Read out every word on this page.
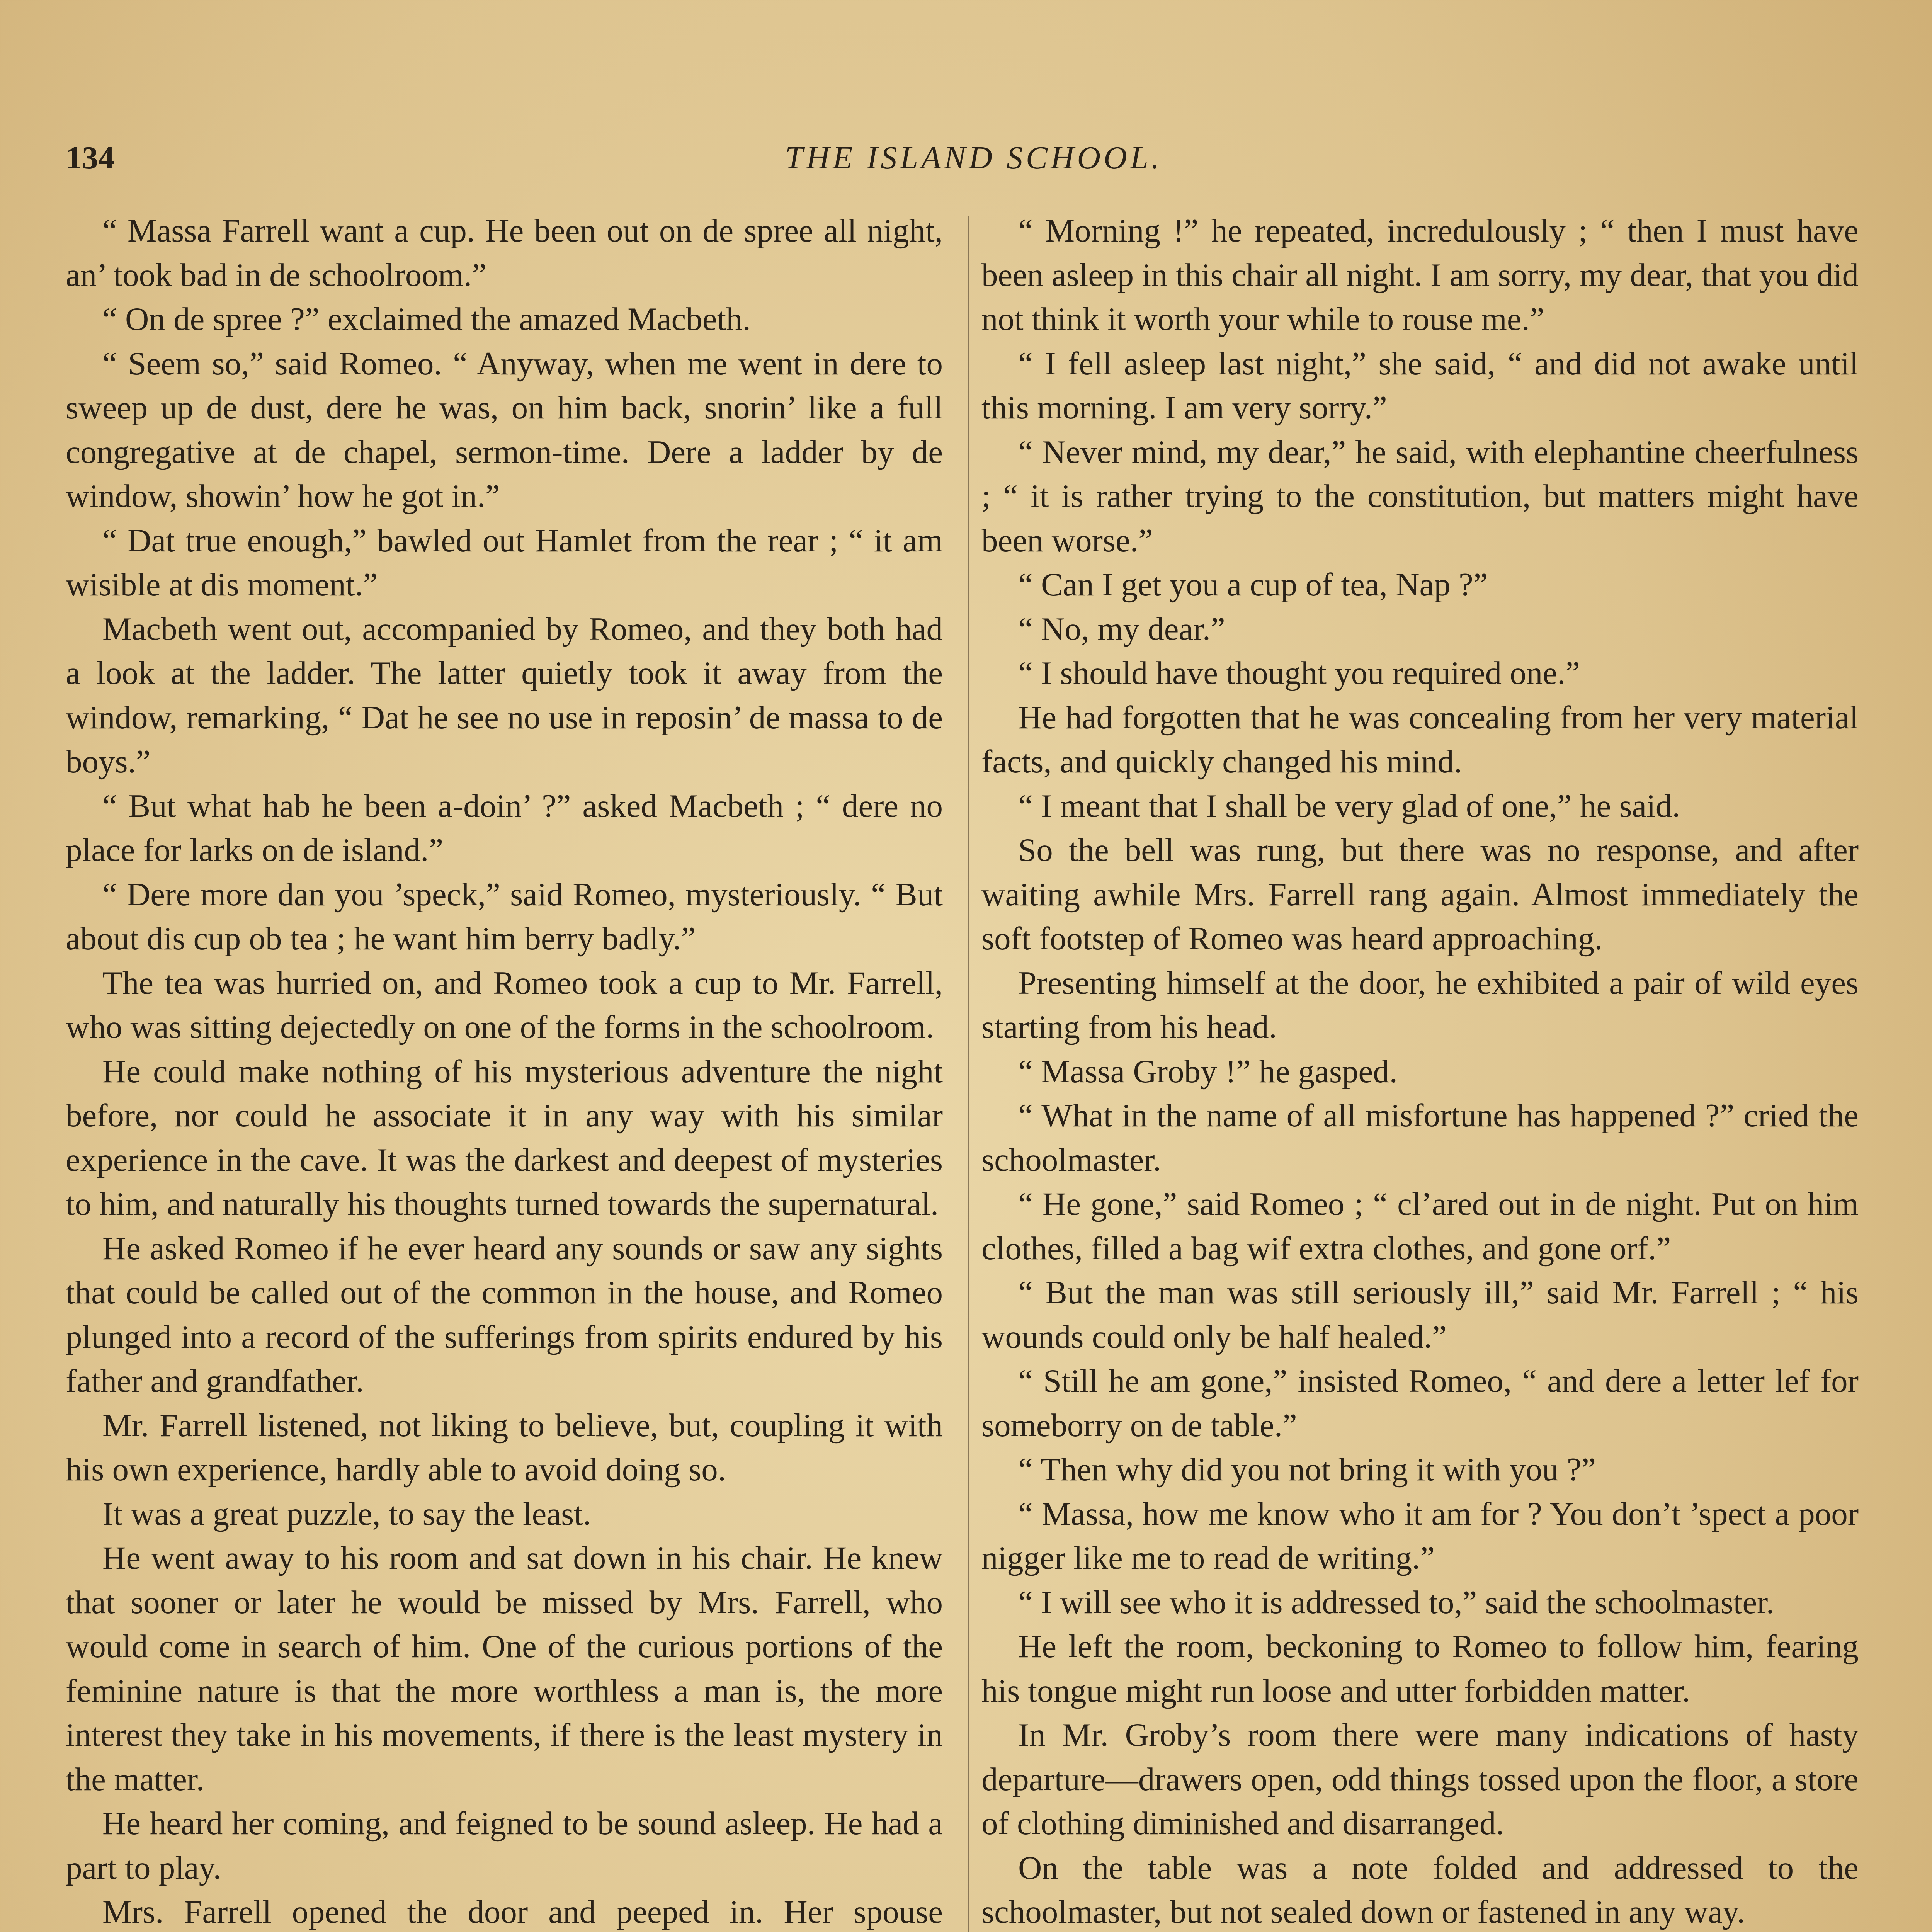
134	THE ISLAND SCHOOL.

“ Massa Farrell want a cup. He been out on de spree all night, an’ took bad in de schoolroom.”

“ On de spree ?” exclaimed the amazed Macbeth.

“ Seem so,” said Romeo. “ Anyway, when me went in dere to sweep up de dust, dere he was, on him back, snorin’ like a full congregative at de chapel, sermon-time. Dere a ladder by de window, showin’ how he got in.”

“ Dat true enough,” bawled out Hamlet from the rear ; “ it am wisible at dis moment.”

Macbeth went out, accompanied by Romeo, and they both had a look at the ladder. The latter quietly took it away from the window, remarking, “ Dat he see no use in reposin’ de massa to de boys.”

“ But what hab he been a-doin’ ?” asked Macbeth ; “ dere no place for larks on de island.”

“ Dere more dan you ’speck,” said Romeo, mysteriously. “ But about dis cup ob tea ; he want him berry badly.”

The tea was hurried on, and Romeo took a cup to Mr. Farrell, who was sitting dejectedly on one of the forms in the schoolroom.

He could make nothing of his mysterious adventure the night before, nor could he associate it in any way with his similar experience in the cave. It was the darkest and deepest of mysteries to him, and naturally his thoughts turned towards the supernatural.

He asked Romeo if he ever heard any sounds or saw any sights that could be called out of the common in the house, and Romeo plunged into a record of the sufferings from spirits endured by his father and grandfather.

Mr. Farrell listened, not liking to believe, but, coupling it with his own experience, hardly able to avoid doing so.

It was a great puzzle, to say the least.

He went away to his room and sat down in his chair. He knew that sooner or later he would be missed by Mrs. Farrell, who would come in search of him. One of the curious portions of the feminine nature is that the more worthless a man is, the more interest they take in his movements, if there is the least mystery in the matter.

He heard her coming, and feigned to be sound asleep. He had a part to play.

Mrs. Farrell opened the door and peeped in. Her spouse

“ Morning !” he repeated, incredulously ; “ then I must have been asleep in this chair all night. I am sorry, my dear, that you did not think it worth your while to rouse me.”

“ I fell asleep last night,” she said, “ and did not awake until this morning. I am very sorry.”

“ Never mind, my dear,” he said, with elephantine cheerfulness ; “ it is rather trying to the constitution, but matters might have been worse.”

“ Can I get you a cup of tea, Nap ?”

“ No, my dear.”

“ I should have thought you required one.”

He had forgotten that he was concealing from her very material facts, and quickly changed his mind.

“ I meant that I shall be very glad of one,” he said.

So the bell was rung, but there was no response, and after waiting awhile Mrs. Farrell rang again. Almost immediately the soft footstep of Romeo was heard approaching.

Presenting himself at the door, he exhibited a pair of wild eyes starting from his head.

“ Massa Groby !” he gasped.

“ What in the name of all misfortune has happened ?” cried the schoolmaster.

“ He gone,” said Romeo ; “ cl’ared out in de night. Put on him clothes, filled a bag wif extra clothes, and gone orf.”

“ But the man was still seriously ill,” said Mr. Farrell ; “ his wounds could only be half healed.”

“ Still he am gone,” insisted Romeo, “ and dere a letter lef for someborry on de table.”

“ Then why did you not bring it with you ?”

“ Massa, how me know who it am for ? You don’t ’spect a poor nigger like me to read de writing.”

“ I will see who it is addressed to,” said the schoolmaster.

He left the room, beckoning to Romeo to follow him, fearing his tongue might run loose and utter forbidden matter.

In Mr. Groby’s room there were many indications of hasty departure—drawers open, odd things tossed upon the floor, a store of clothing diminished and disarranged.

On the table was a note folded and addressed to the schoolmaster, but not sealed down or fastened in any way.
